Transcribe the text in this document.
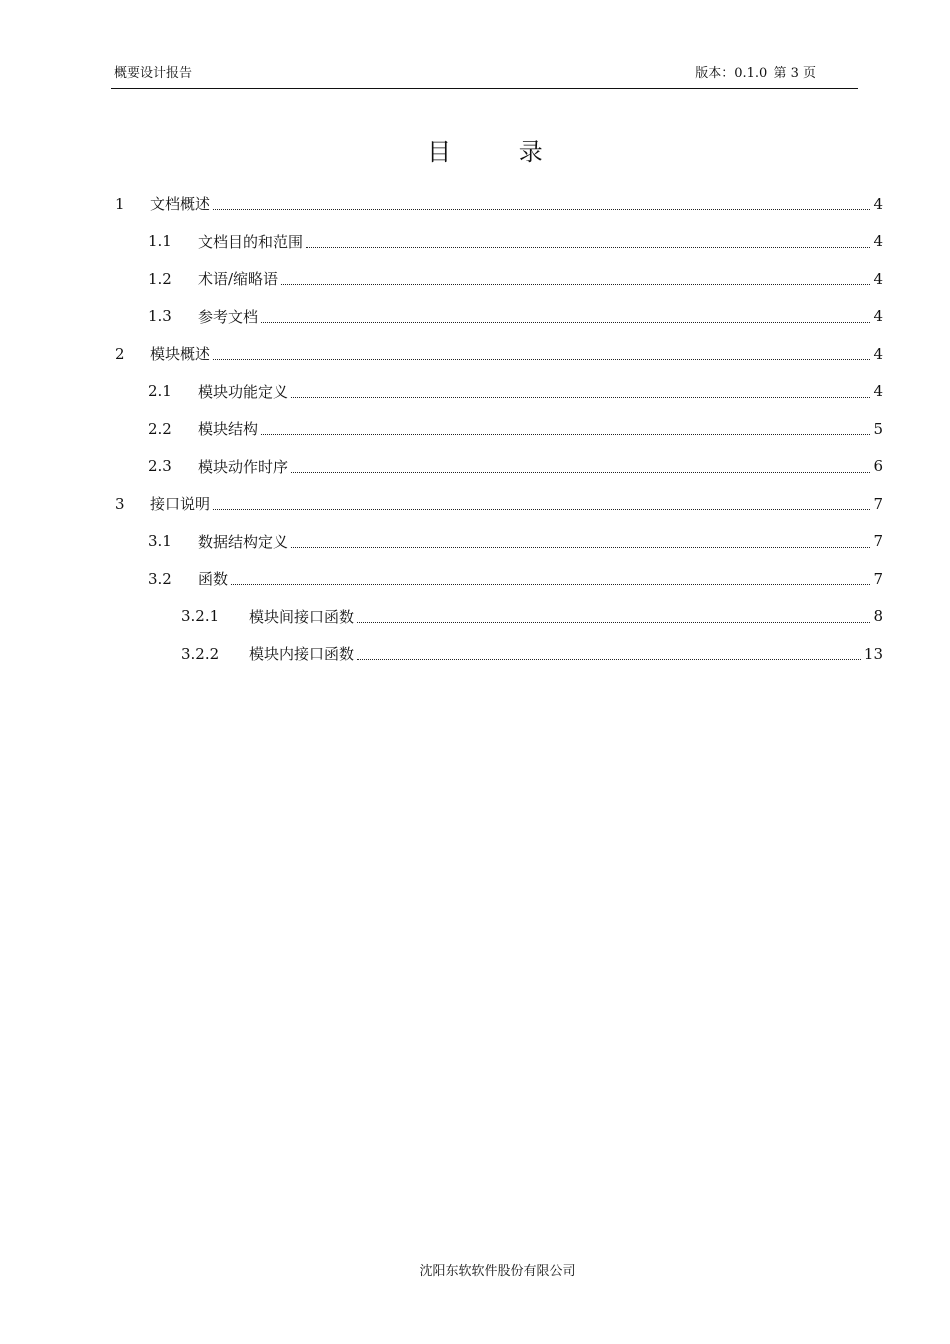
概要设计报告	版本：0.1.0 第 3 页
目 录
1	文档概述	4
1.1	文档目的和范围	4
1.2	术语/缩略语	4
1.3	参考文档	4
2	模块概述	4
2.1	模块功能定义	4
2.2	模块结构	5
2.3	模块动作时序	6
3	接口说明	7
3.1	数据结构定义	7
3.2	函数	7
3.2.1	模块间接口函数	8
3.2.2	模块内接口函数	13
沈阳东软软件股份有限公司
